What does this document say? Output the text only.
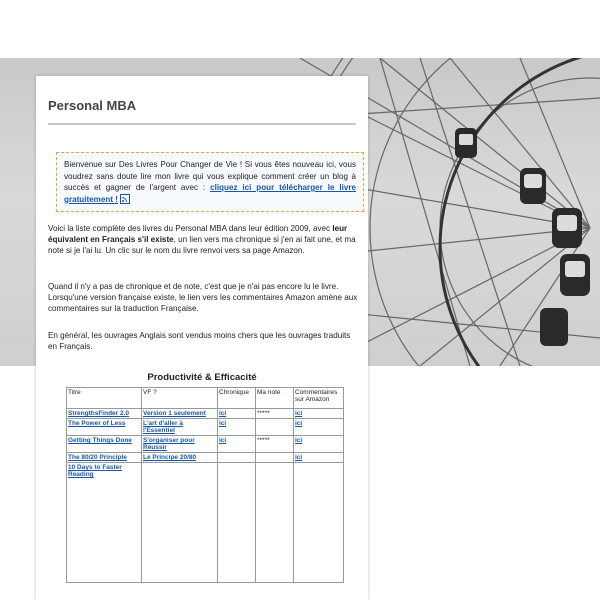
Personal MBA
Bienvenue sur Des Livres Pour Changer de Vie ! Si vous êtes nouveau ici, vous voudrez sans doute lire mon livre qui vous explique comment créer un blog à succès et gagner de l'argent avec : cliquez ici pour télécharger le livre gratuitement !
Voici la liste complète des livres du Personal MBA dans leur édition 2009, avec leur équivalent en Français s'il existe, un lien vers ma chronique si j'en ai fait une, et ma note si je l'ai lu. Un clic sur le nom du livre renvoi vers sa page Amazon.
Quand il n'y a pas de chronique et de note, c'est que je n'ai pas encore lu le livre. Lorsqu'une version française existe, le lien vers les commentaires Amazon amène aux commentaires sur la traduction Française.
En général, les ouvrages Anglais sont vendus moins chers que les ouvrages traduits en Français.
Productivité & Efficacité
Titre	VF ?	Chronique	Ma note	Commentaires sur Amazon
StrengthsFinder 2.0	Version 1 seulement	ici	*****	ici
The Power of Less	L'art d'aller à l'Essentiel	ici		ici
Getting Things Done	S'organiser pour Réussir	ici	*****	ici
The 80/20 Principle	Le Principe 20/80			ici
10 Days to Faster Reading				
